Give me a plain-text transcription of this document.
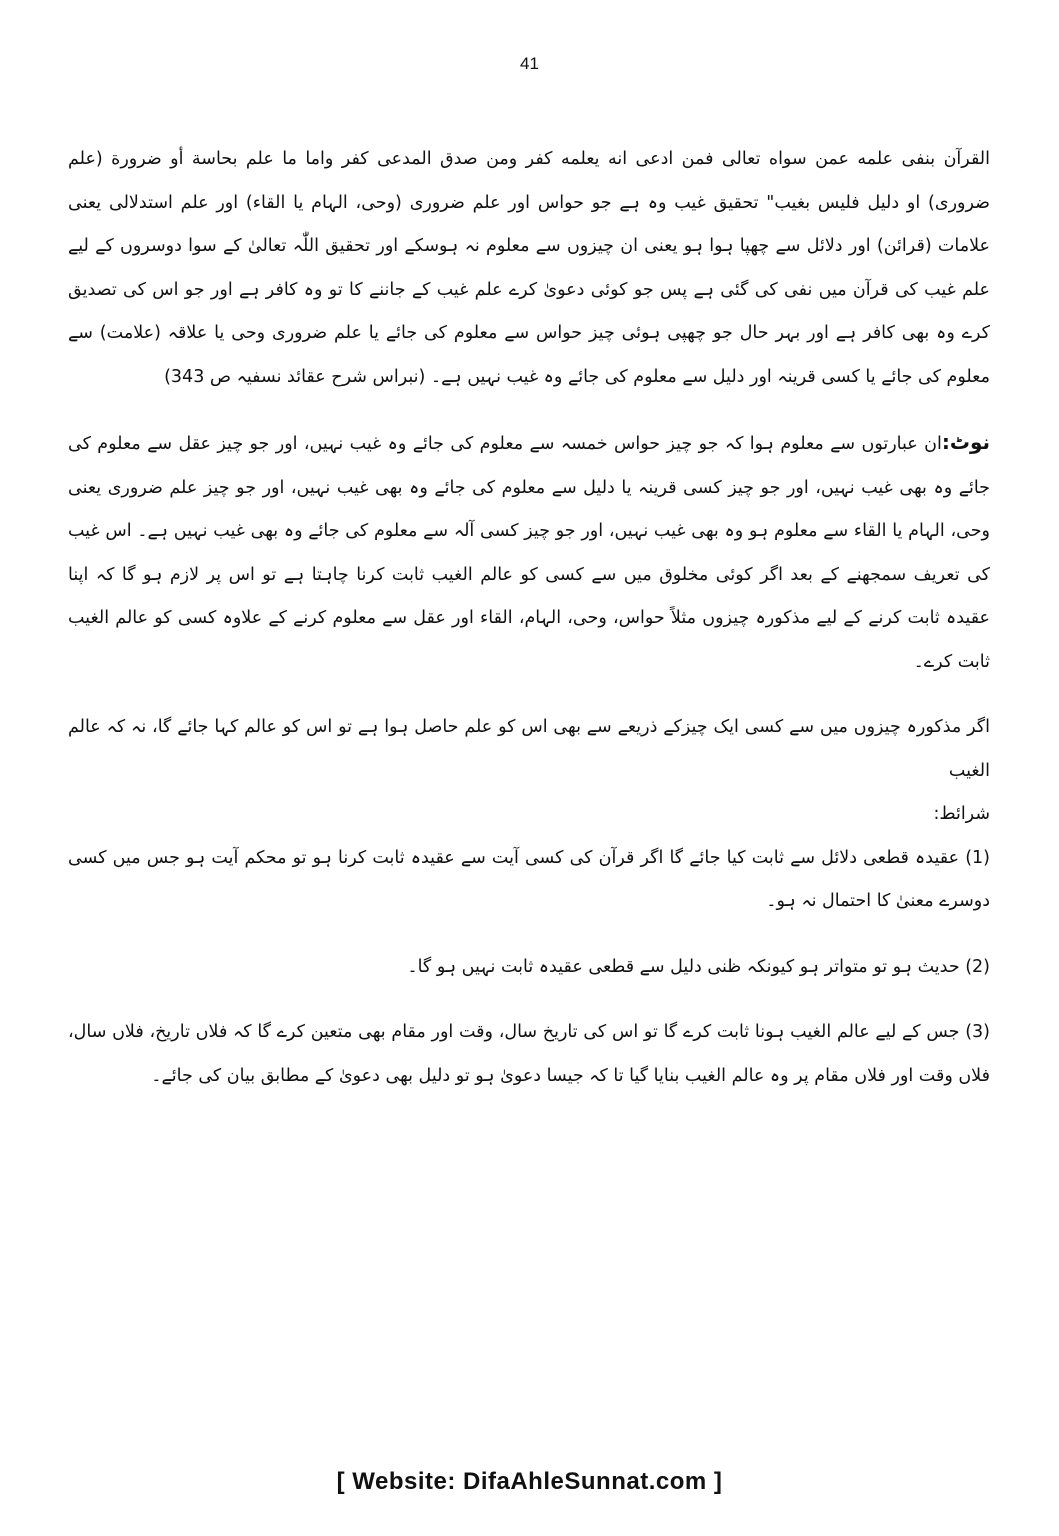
41

القرآن بنفی علمه عمن سواه تعالی فمن ادعی انه یعلمه کفر ومن صدق المدعی کفر واما ما علم بحاسة أو ضرورة (علم ضروری) او دلیل فلیس بغیب" تحقیق غیب وہ ہے جو حواس اور علم ضروری (وحی، الہام یا القاء) اور علم استدلالی یعنی علامات (قرائن) اور دلائل سے چھپا ہوا ہو یعنی ان چیزوں سے معلوم نہ ہوسکے اور تحقیق اللّٰہ تعالیٰ کے سوا دوسروں کے لیے علم غیب کی قرآن میں نفی کی گئی ہے پس جو کوئی دعویٰ کرے علم غیب کے جاننے کا تو وہ کافر ہے اور جو اس کی تصدیق کرے وہ بھی کافر ہے اور بہر حال جو چھپی ہوئی چیز حواس سے معلوم کی جائے یا علم ضروری وحی یا علاقہ (علامت) سے معلوم کی جائے یا کسی قرینہ اور دلیل سے معلوم کی جائے وہ غیب نہیں ہے۔ (نبراس شرح عقائد نسفیہ ص 343)

نوٹ:ان عبارتوں سے معلوم ہوا کہ جو چیز حواس خمسہ سے معلوم کی جائے وہ غیب نہیں، اور جو چیز عقل سے معلوم کی جائے وہ بھی غیب نہیں، اور جو چیز کسی قرینہ یا دلیل سے معلوم کی جائے وہ بھی غیب نہیں، اور جو چیز علم ضروری یعنی وحی، الہام یا القاء سے معلوم ہو وہ بھی غیب نہیں، اور جو چیز کسی آلہ سے معلوم کی جائے وہ بھی غیب نہیں ہے۔ اس غیب کی تعریف سمجھنے کے بعد اگر کوئی مخلوق میں سے کسی کو عالم الغیب ثابت کرنا چاہتا ہے تو اس پر لازم ہو گا کہ اپنا عقیدہ ثابت کرنے کے لیے مذکورہ چیزوں مثلاً حواس، وحی، الہام، القاء اور عقل سے معلوم کرنے کے علاوہ کسی کو عالم الغیب ثابت کرے۔

اگر مذکورہ چیزوں میں سے کسی ایک چیزکے ذریعے سے بھی اس کو علم حاصل ہوا ہے تو اس کو عالم کہا جائے گا، نہ کہ عالم الغیب

شرائط:

(1) عقیدہ قطعی دلائل سے ثابت کیا جائے گا اگر قرآن کی کسی آیت سے عقیدہ ثابت کرنا ہو تو محکم آیت ہو جس میں کسی دوسرے معنیٰ کا احتمال نہ ہو۔

(2) حدیث ہو تو متواتر ہو کیونکہ ظنی دلیل سے قطعی عقیدہ ثابت نہیں ہو گا۔

(3) جس کے لیے عالم الغیب ہونا ثابت کرے گا تو اس کی تاریخ سال، وقت اور مقام بھی متعین کرے گا کہ فلاں تاریخ، فلاں سال، فلاں وقت اور فلاں مقام پر وہ عالم الغیب بنایا گیا تا کہ جیسا دعویٰ ہو تو دلیل بھی دعویٰ کے مطابق بیان کی جائے۔

[ Website: DifaAhleSunnat.com ]
